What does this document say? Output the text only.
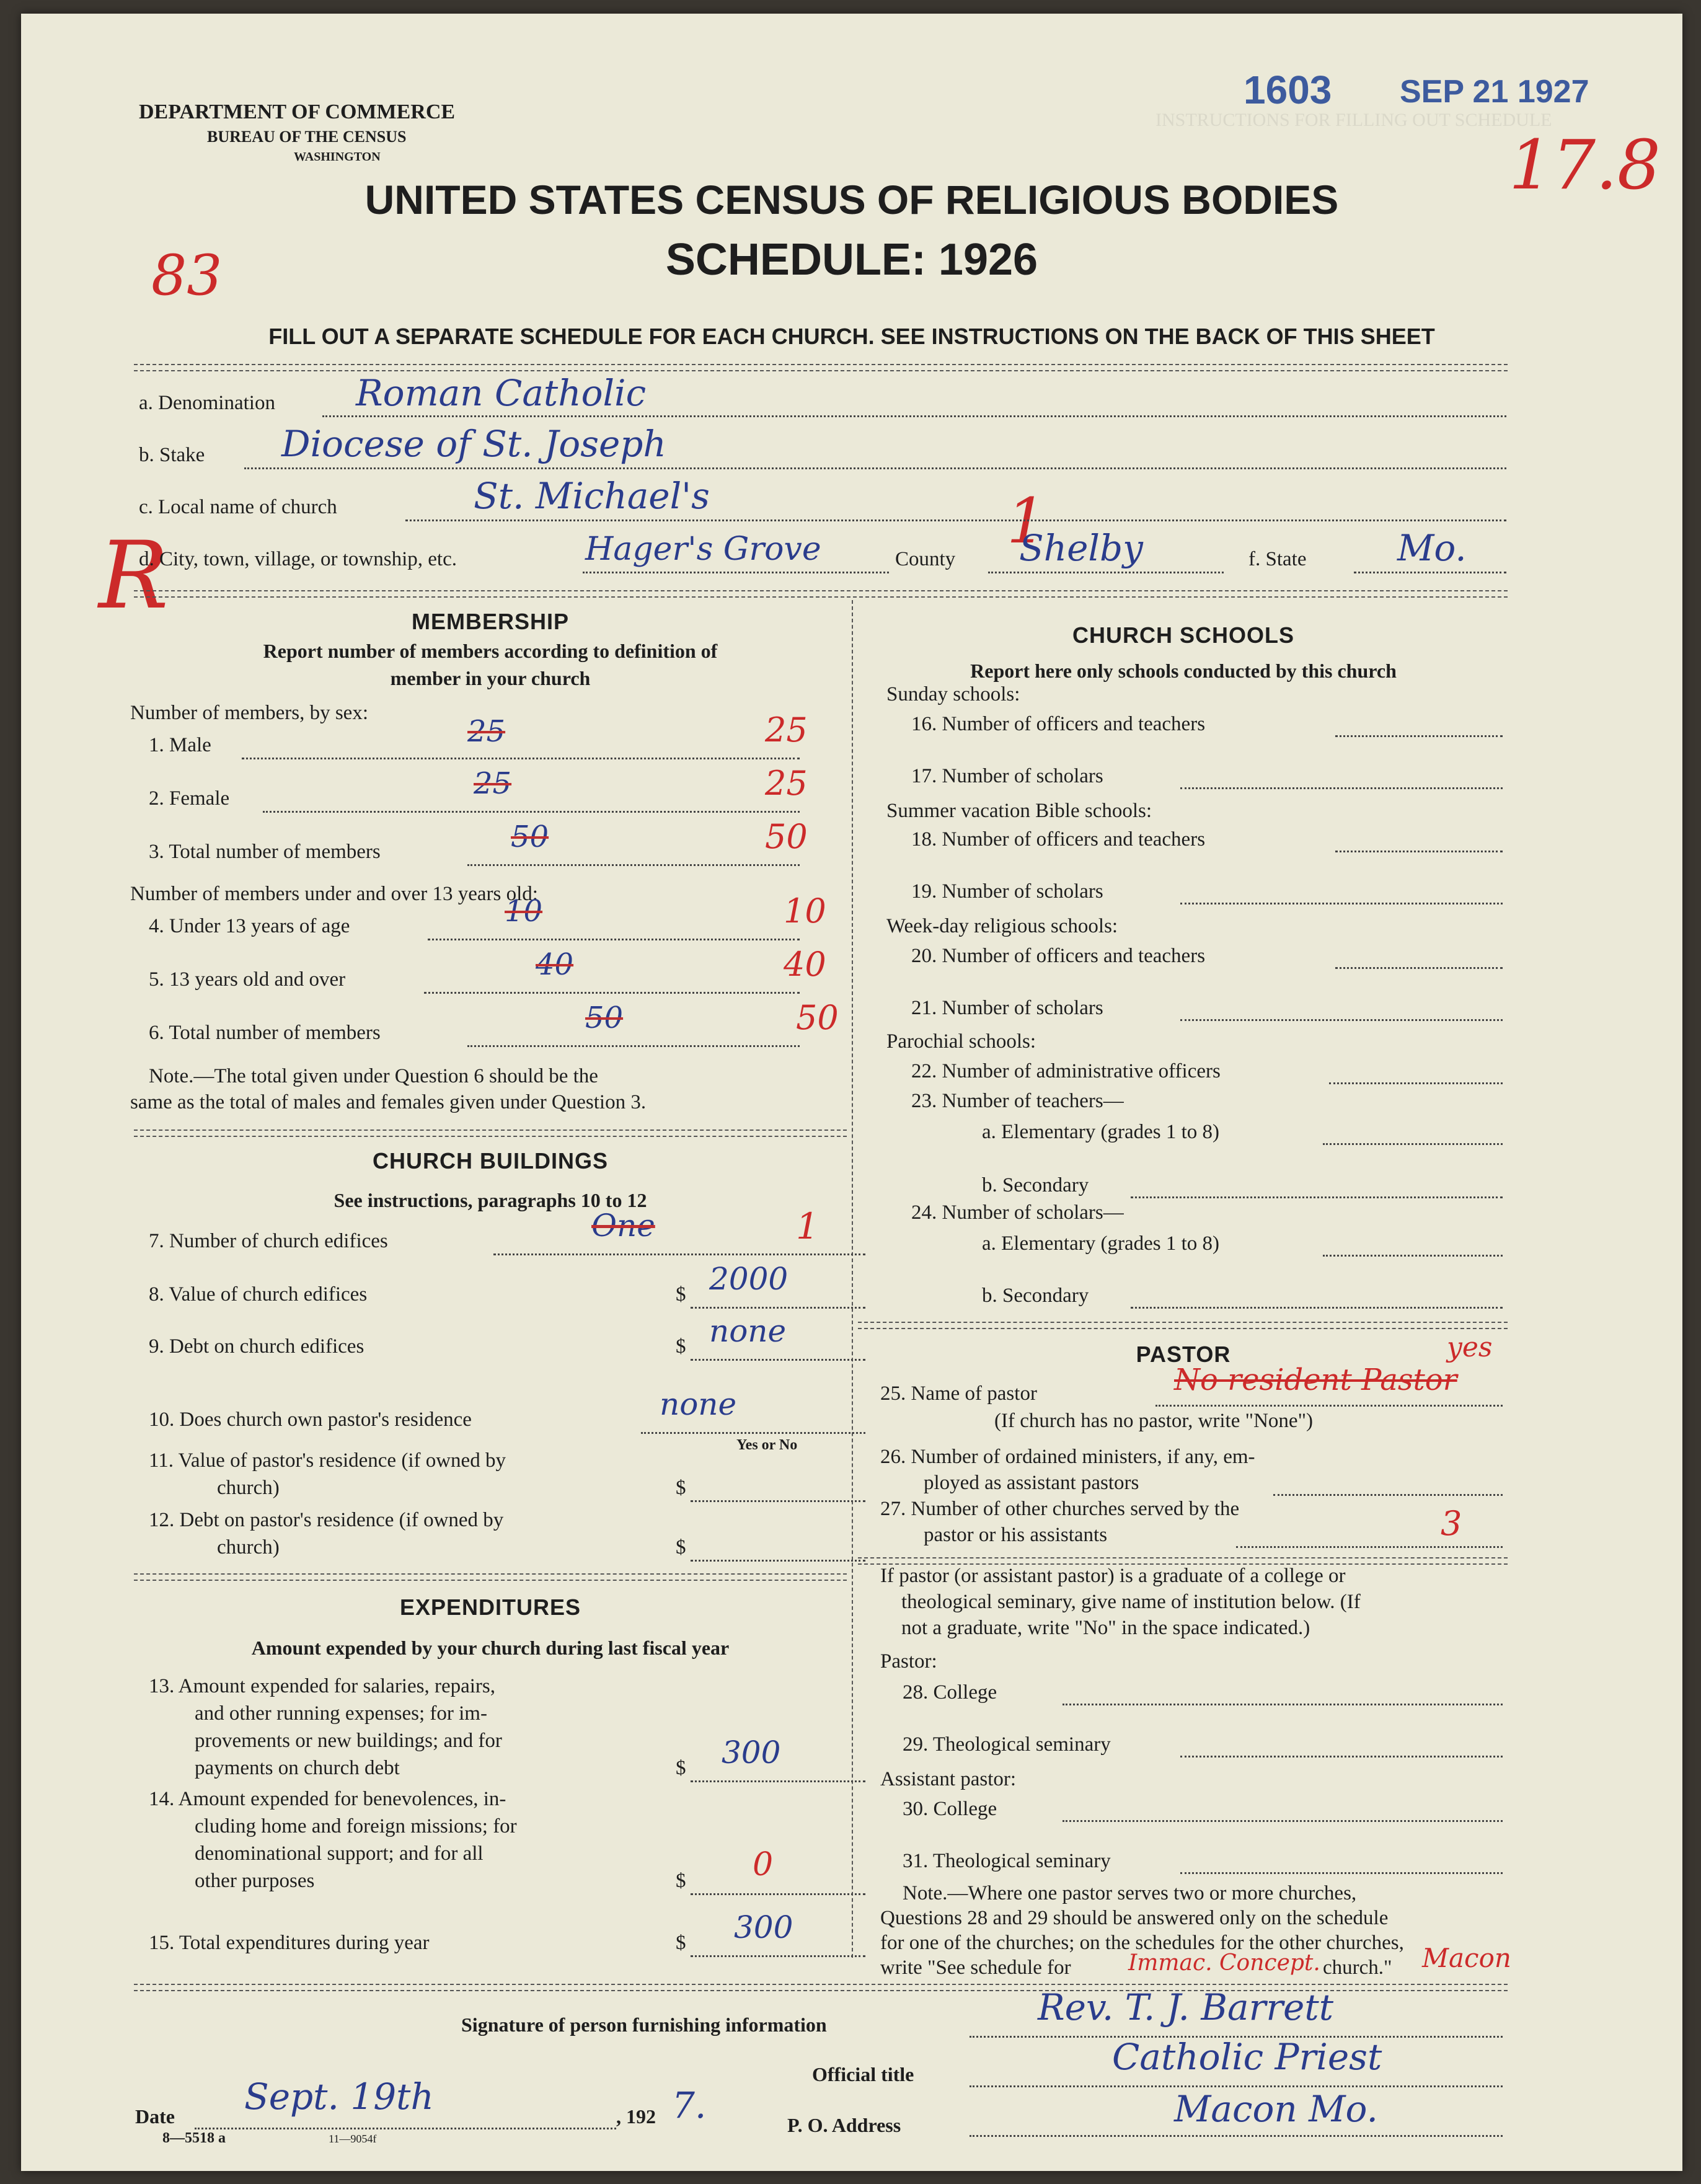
INSTRUCTIONS FOR FILLING OUT SCHEDULE
1603 SEP 21 1927
17.8
83
R
1
DEPARTMENT OF COMMERCE
BUREAU OF THE CENSUS
WASHINGTON
UNITED STATES CENSUS OF RELIGIOUS BODIES
SCHEDULE: 1926
FILL OUT A SEPARATE SCHEDULE FOR EACH CHURCH. SEE INSTRUCTIONS ON THE BACK OF THIS SHEET
a. Denomination Roman Catholic
b. Stake Diocese of St. Joseph
c. Local name of church	St. Michael's
d. City, town, village, or township, etc.	Hager's Grove	County Shelby	f. State	Mo.
MEMBERSHIP
Report number of members according to definition of
member in your church
Number of members, by sex:
1. Male	25	25
2. Female	25	25
3. Total number of members	50	50
Number of members under and over 13 years old:
4. Under 13 years of age	10	10
5. 13 years old and over	40	40
6. Total number of members	50	50
Note.—The total given under Question 6 should be the
same as the total of males and females given under Question 3.
CHURCH BUILDINGS
See instructions, paragraphs 10 to 12
7. Number of church edifices	One	1
8. Value of church edifices	$ 2000
9. Debt on church edifices	$ none
10. Does church own pastor's residence	none
Yes or No
11. Value of pastor's residence (if owned by
church)	$
12. Debt on pastor's residence (if owned by
church)	$
EXPENDITURES
Amount expended by your church during last fiscal year
13. Amount expended for salaries, repairs,
and other running expenses; for im-
provements or new buildings; and for
payments on church debt	$ 300
14. Amount expended for benevolences, in-
cluding home and foreign missions; for
denominational support; and for all
other purposes	$ 0
15. Total expenditures during year	$ 300
CHURCH SCHOOLS
Report here only schools conducted by this church
Sunday schools:
16. Number of officers and teachers
17. Number of scholars
Summer vacation Bible schools:
18. Number of officers and teachers
19. Number of scholars
Week-day religious schools:
20. Number of officers and teachers
21. Number of scholars
Parochial schools:
22. Number of administrative officers
23. Number of teachers—
a. Elementary (grades 1 to 8)
b. Secondary
24. Number of scholars—
a. Elementary (grades 1 to 8)
b. Secondary
PASTOR
25. Name of pastor	No resident Pastor
yes
(If church has no pastor, write "None")
26. Number of ordained ministers, if any, em-
ployed as assistant pastors
27. Number of other churches served by the
pastor or his assistants	3
If pastor (or assistant pastor) is a graduate of a college or
theological seminary, give name of institution below. (If
not a graduate, write "No" in the space indicated.)
Pastor:
28. College
29. Theological seminary
Assistant pastor:
30. College
31. Theological seminary
Note.—Where one pastor serves two or more churches,
Questions 28 and 29 should be answered only on the schedule
for one of the churches; on the schedules for the other churches,
write "See schedule for	Immac. Concept. church." Macon
Signature of person furnishing information	Rev. T. J. Barrett
Official title	Catholic Priest
Date Sept. 19th	, 192 7.	P. O. Address	Macon Mo.
8—5518 a	11—9054f
